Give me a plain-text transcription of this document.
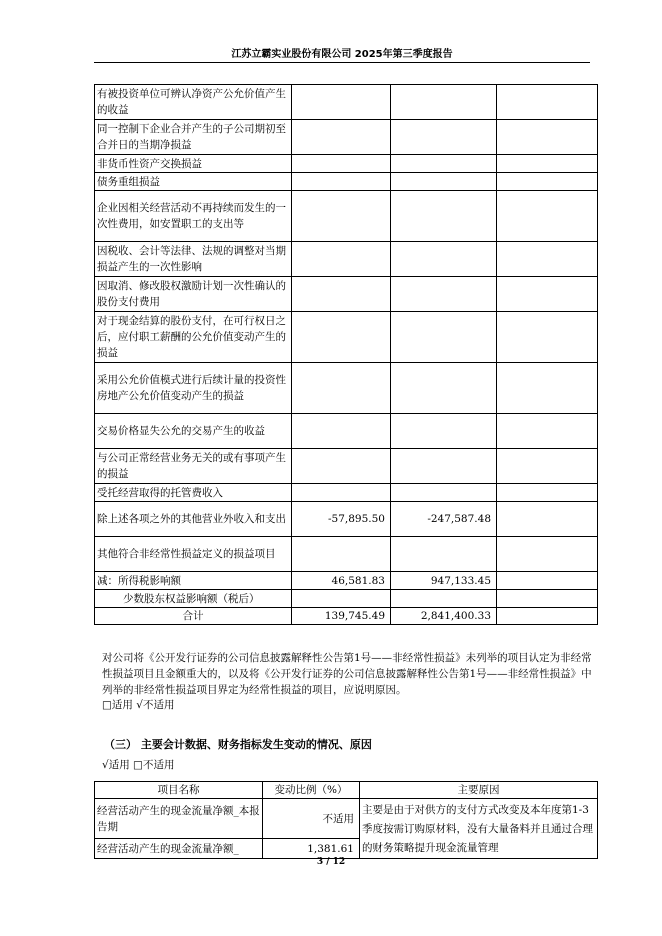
江苏立霸实业股份有限公司 2025年第三季度报告
有被投资单位可辨认净资产公允价值产生的收益			
同一控制下企业合并产生的子公司期初至合并日的当期净损益			
非货币性资产交换损益			
债务重组损益			
企业因相关经营活动不再持续而发生的一次性费用，如安置职工的支出等			
因税收、会计等法律、法规的调整对当期损益产生的一次性影响			
因取消、修改股权激励计划一次性确认的股份支付费用			
对于现金结算的股份支付，在可行权日之后，应付职工薪酬的公允价值变动产生的损益			
采用公允价值模式进行后续计量的投资性房地产公允价值变动产生的损益			
交易价格显失公允的交易产生的收益			
与公司正常经营业务无关的或有事项产生的损益			
受托经营取得的托管费收入			
除上述各项之外的其他营业外收入和支出	-57,895.50	-247,587.48	
其他符合非经常性损益定义的损益项目			
减：所得税影响额	46,581.83	947,133.45	
少数股东权益影响额（税后）			
合计	139,745.49	2,841,400.33	
对公司将《公开发行证券的公司信息披露解释性公告第1号——非经常性损益》未列举的项目认定为非经常性损益项目且金额重大的，以及将《公开发行证券的公司信息披露解释性公告第1号——非经常性损益》中列举的非经常性损益项目界定为经常性损益的项目，应说明原因。
□适用 √不适用
（三） 主要会计数据、财务指标发生变动的情况、原因
√适用 □不适用
项目名称	变动比例（%）	主要原因
经营活动产生的现金流量净额_本报告期	不适用	主要是由于对供方的支付方式改变及本年度第1-3季度按需订购原材料，没有大量备料并且通过合理的财务策略提升现金流量管理
经营活动产生的现金流量净额_	1,381.61	
3 / 12
